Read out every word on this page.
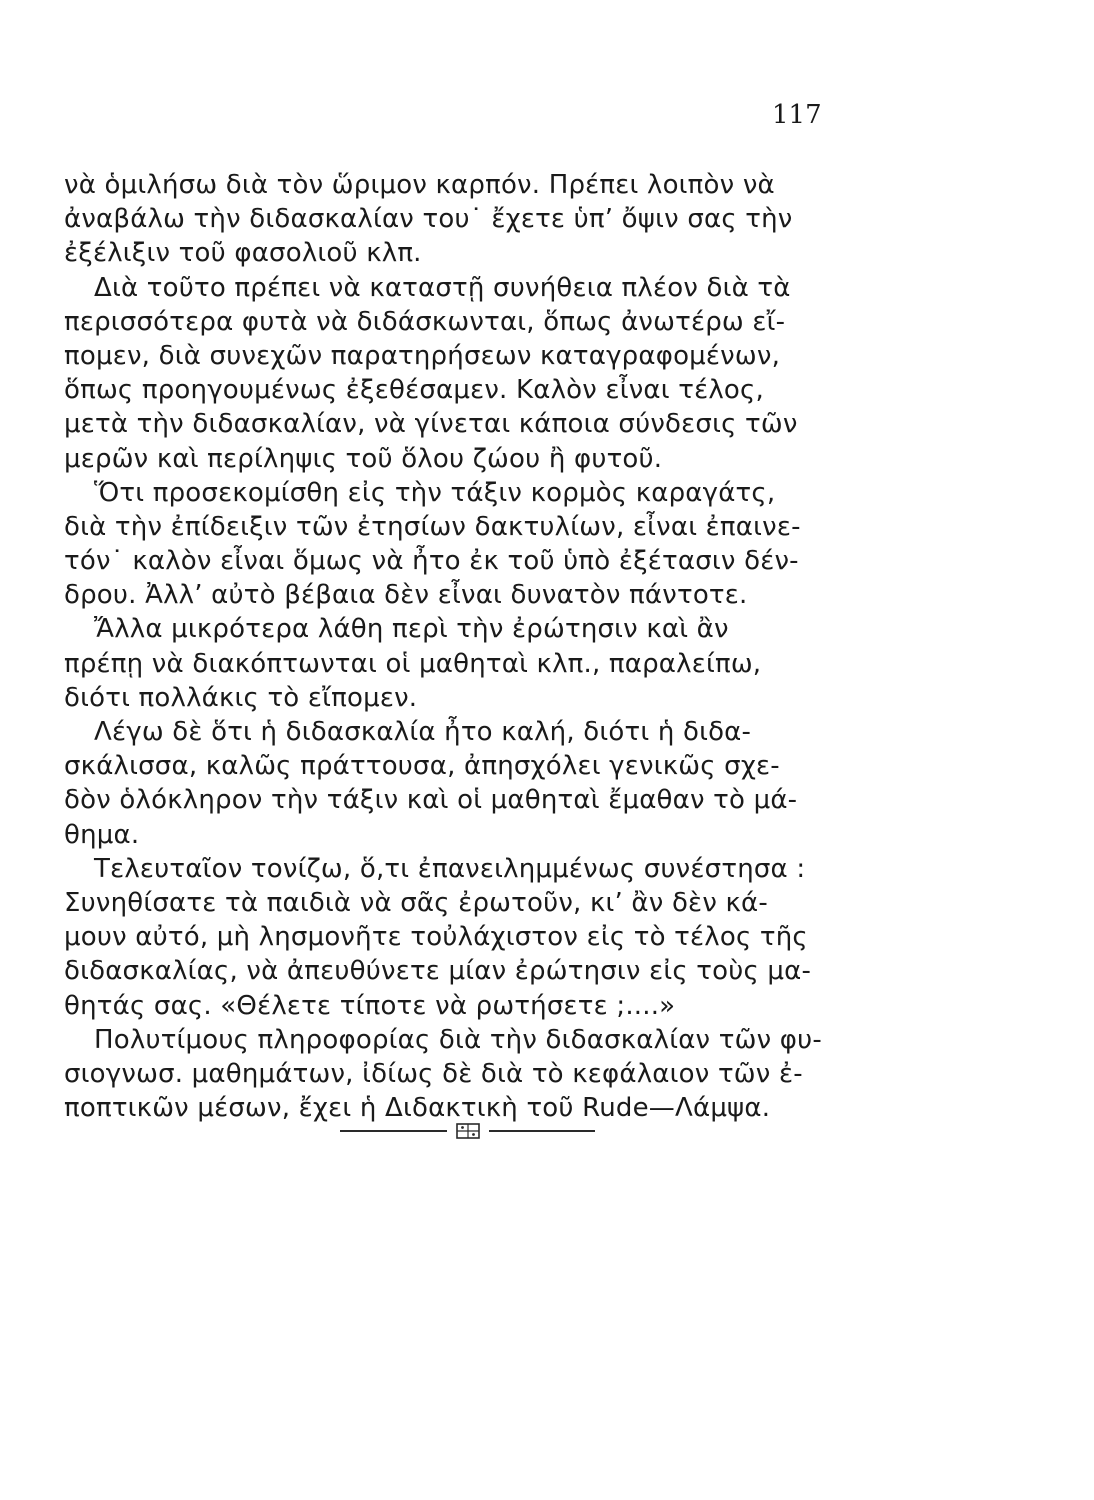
117
νὰ ὁμιλήσω διὰ τὸν ὥριμον καρπόν. Πρέπει λοιπὸν νὰ
ἀναβάλω τὴν διδασκαλίαν του˙ ἔχετε ὑπ’ ὄψιν σας τὴν
ἐξέλιξιν τοῦ φασολιοῦ κλπ.
Διὰ τοῦτο πρέπει νὰ καταστῇ συνήθεια πλέον διὰ τὰ
περισσότερα φυτὰ νὰ διδάσκωνται, ὅπως ἀνωτέρω εἴ-
πομεν, διὰ συνεχῶν παρατηρήσεων καταγραφομένων,
ὅπως προηγουμένως ἐξεθέσαμεν. Καλὸν εἶναι τέλος,
μετὰ τὴν διδασκαλίαν, νὰ γίνεται κάποια σύνδεσις τῶν
μερῶν καὶ περίληψις τοῦ ὅλου ζώου ἢ φυτοῦ.
Ὅτι προσεκομίσθη εἰς τὴν τάξιν κορμὸς καραγάτς,
διὰ τὴν ἐπίδειξιν τῶν ἐτησίων δακτυλίων, εἶναι ἐπαινε-
τόν˙ καλὸν εἶναι ὅμως νὰ ἦτο ἐκ τοῦ ὑπὸ ἐξέτασιν δέν-
δρου. Ἀλλ’ αὐτὸ βέβαια δὲν εἶναι δυνατὸν πάντοτε.
Ἄλλα μικρότερα λάθη περὶ τὴν ἐρώτησιν καὶ ἂν
πρέπῃ νὰ διακόπτωνται οἱ μαθηταὶ κλπ., παραλείπω,
διότι πολλάκις τὸ εἴπομεν.
Λέγω δὲ ὅτι ἡ διδασκαλία ἦτο καλή, διότι ἡ διδα-
σκάλισσα, καλῶς πράττουσα, ἀπησχόλει γενικῶς σχε-
δὸν ὁλόκληρον τὴν τάξιν καὶ οἱ μαθηταὶ ἔμαθαν τὸ μά-
θημα.
Τελευταῖον τονίζω, ὅ,τι ἐπανειλημμένως συνέστησα :
Συνηθίσατε τὰ παιδιὰ νὰ σᾶς ἐρωτοῦν, κι’ ἂν δὲν κά-
μουν αὐτό, μὴ λησμονῆτε τοὐλάχιστον εἰς τὸ τέλος τῆς
διδασκαλίας, νὰ ἀπευθύνετε μίαν ἐρώτησιν εἰς τοὺς μα-
θητάς σας. «Θέλετε τίποτε νὰ ρωτήσετε ;....»
Πολυτίμους πληροφορίας διὰ τὴν διδασκαλίαν τῶν φυ-
σιογνωσ. μαθημάτων, ἰδίως δὲ διὰ τὸ κεφάλαιον τῶν ἐ-
ποπτικῶν μέσων, ἔχει ἡ Διδακτικὴ τοῦ Rude—Λάμψα.
